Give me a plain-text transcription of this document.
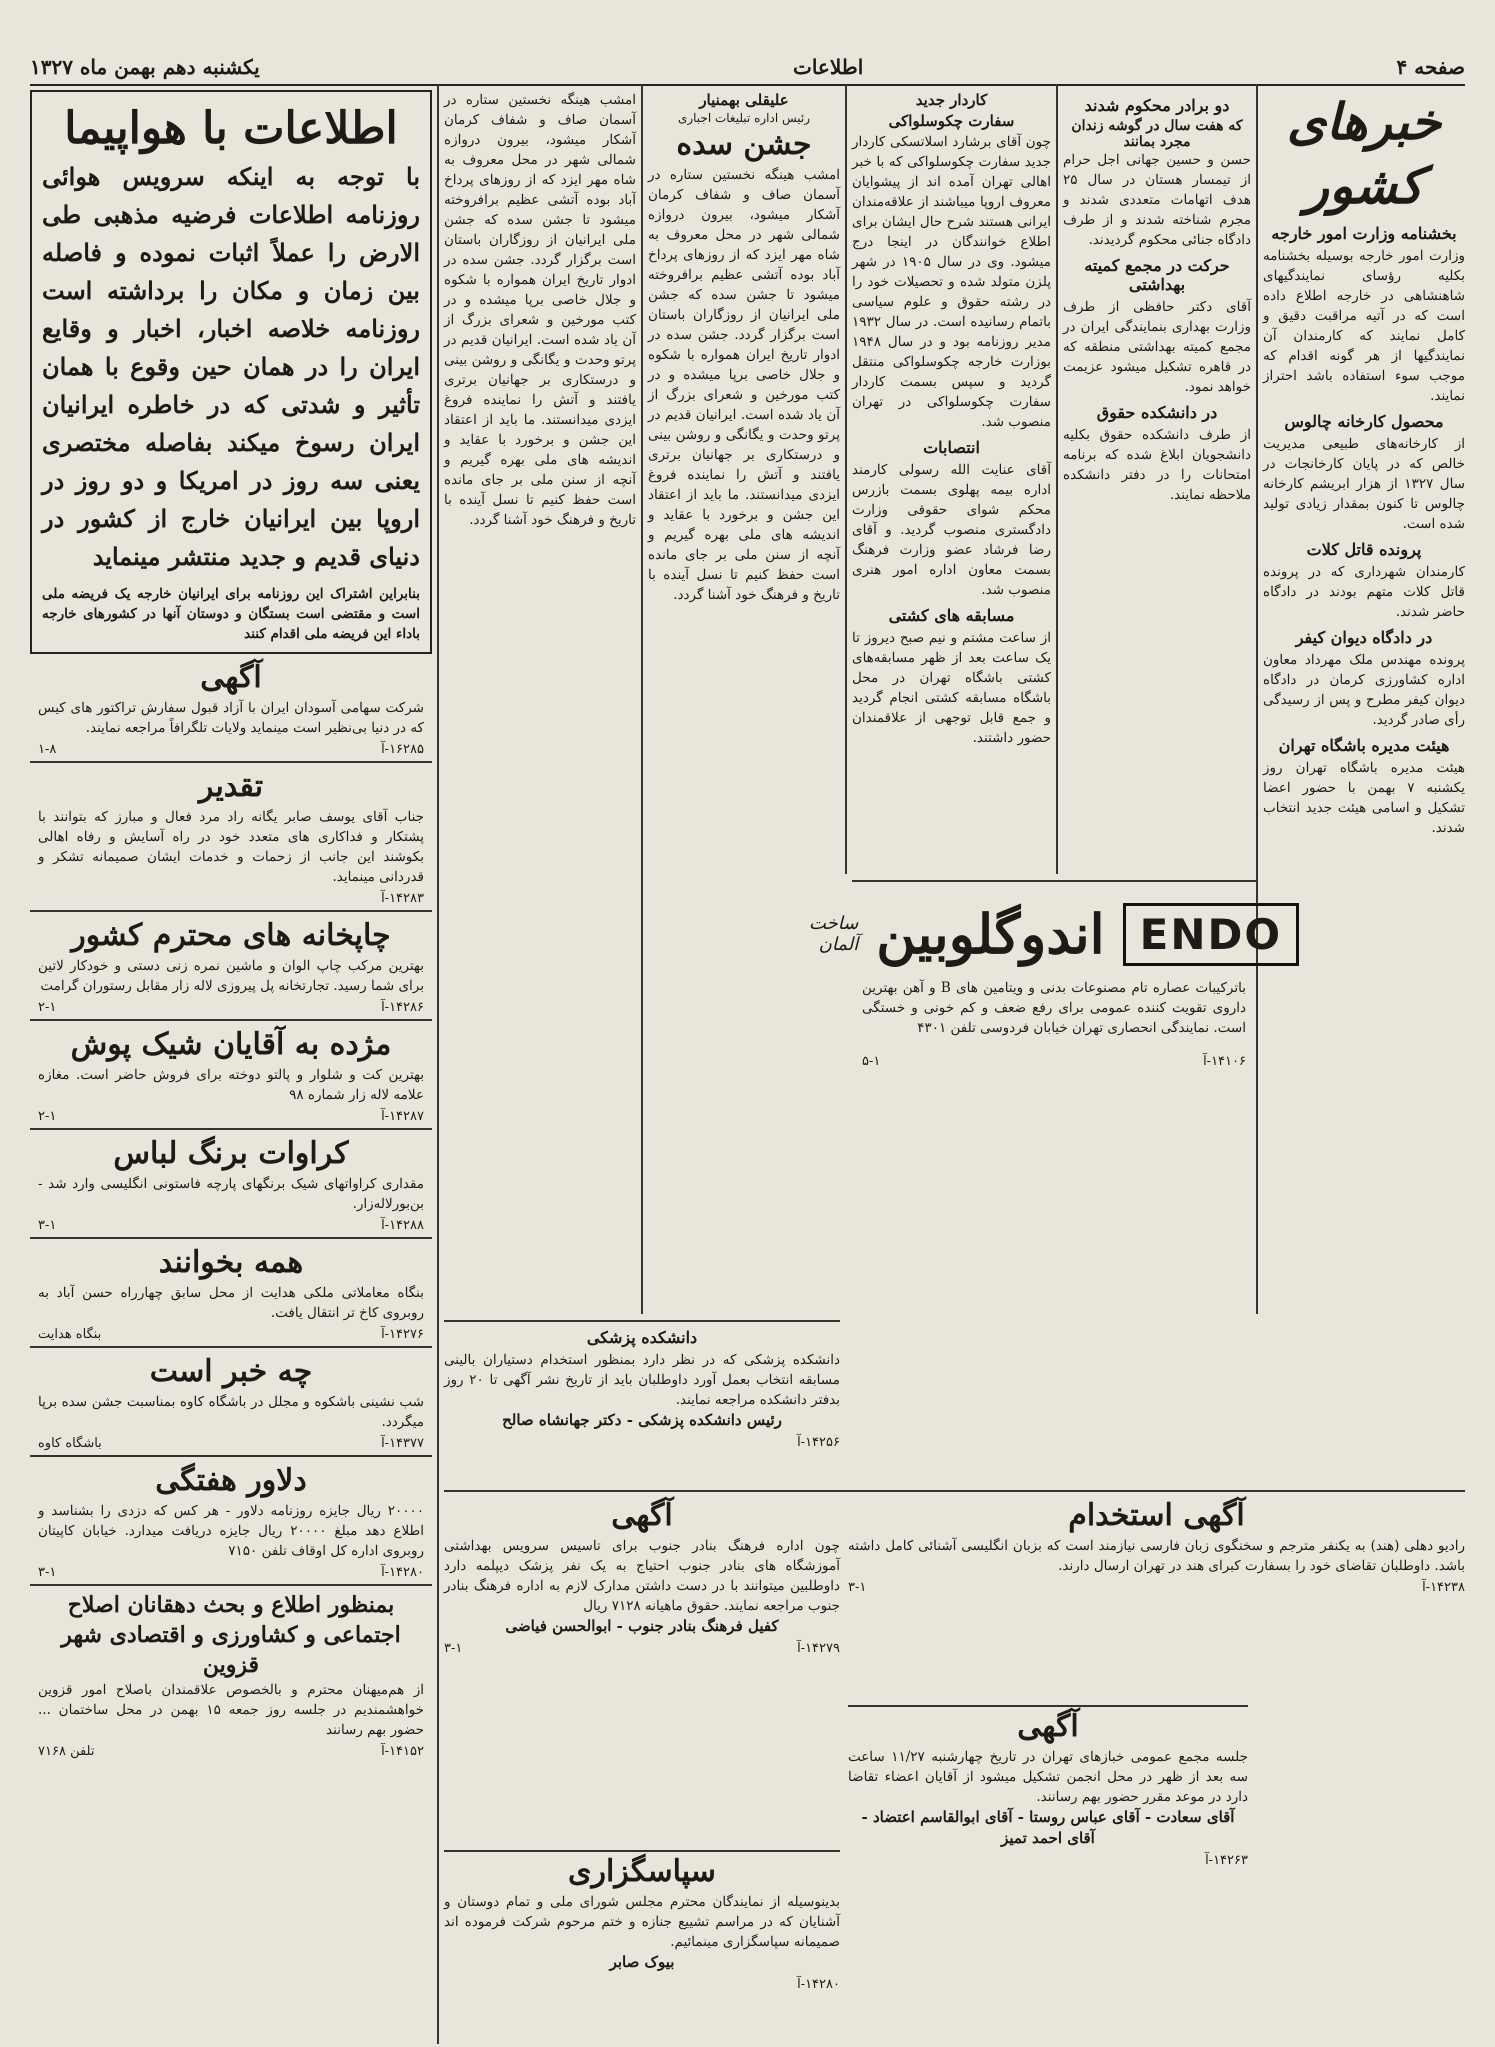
صفحه ۴
اطلاعات
یکشنبه دهم بهمن ماه ۱۳۲۷
اطلاعات با هواپیما
با توجه به اینکه سرویس هوائی روزنامه اطلاعات فرضیه مذهبی طی الارض را عملاً اثبات نموده و فاصله بین زمان و مکان را برداشته است روزنامه خلاصه اخبار، اخبار و وقایع ایران را در همان حین وقوع با همان تأثیر و شدتی که در خاطره ایرانیان ایران رسوخ میکند بفاصله مختصری یعنی سه روز در امریکا و دو روز در اروپا بین ایرانیان خارج از کشور در دنیای قدیم و جدید منتشر مینماید
بنابراین اشتراک این روزنامه برای ایرانیان خارجه یک فریضه ملی است و مقتضی است بستگان و دوستان آنها در کشورهای خارجه باداء این فریضه ملی اقدام کنند
آگهی
شرکت سهامی آسودان ایران با آزاد قبول سفارش تراکتور های کیس که در دنیا بی‌نظیر است مینماید ولایات تلگرافاً مراجعه نمایند.
۱۶۲۸۵-آ
۱-۸
تقدیر
جناب آقای یوسف صابر یگانه راد مرد فعال و مبارز که بتوانند با پشتکار و فداکاری های متعدد خود در راه آسایش و رفاه اهالی بکوشند این جانب از زحمات و خدمات ایشان صمیمانه تشکر و قدردانی مینماید.
۱۴۲۸۳-آ
چاپخانه های محترم کشور
بهترین مرکب چاپ الوان و ماشین نمره زنی دستی و خودکار لاتین برای شما رسید. تجارتخانه پل پیروزی لاله زار مقابل رستوران گرامت
۱۴۲۸۶-آ
۲-۱
مژده به آقایان شیک پوش
بهترین کت و شلوار و پالتو دوخته برای فروش حاضر است. مغازه علامه لاله زار شماره ۹۸
۱۴۲۸۷-آ
۲-۱
کراوات برنگ لباس
مقداری کراواتهای شیک برنگهای پارچه فاستونی انگلیسی وارد شد - بن‌بورلاله‌زار.
۱۴۲۸۸-آ
۳-۱
همه بخوانند
بنگاه معاملاتی ملکی هدایت از محل سابق چهارراه حسن آباد به روبروی کاخ تر انتقال یافت.
۱۴۲۷۶-آ
بنگاه هدایت
چه خبر است
شب نشینی باشکوه و مجلل در باشگاه کاوه بمناسبت جشن سده برپا میگردد.
۱۴۳۷۷-آ
باشگاه کاوه
دلاور هفتگی
۲۰۰۰۰ ریال جایزه روزنامه دلاور - هر کس که دزدی را بشناسد و اطلاع دهد مبلغ ۲۰۰۰۰ ریال جایزه دریافت میدارد. خیابان کاپیتان روبروی اداره کل اوقاف تلفن ۷۱۵۰
۱۴۲۸۰-آ
۳-۱
بمنظور اطلاع و بحث دهقانان اصلاح اجتماعی و کشاورزی و اقتصادی شهر قزوین
از هم‌میهنان محترم و بالخصوص علاقمندان باصلاح امور قزوین خواهشمندیم در جلسه روز جمعه ۱۵ بهمن در محل ساختمان ... حضور بهم رسانند
۱۴۱۵۲-آ
تلفن ۷۱۶۸
امشب هینگه نخستین ستاره در آسمان صاف و شفاف کرمان آشکار میشود، بیرون دروازه شمالی شهر در محل معروف به شاه مهر ایزد که از روزهای پرداخ آباد بوده آتشی عظیم برافروخته میشود تا جشن سده که جشن ملی ایرانیان از روزگاران باستان است برگزار گردد. جشن سده در ادوار تاریخ ایران همواره با شکوه و جلال خاصی برپا میشده و در کتب مورخین و شعرای بزرگ از آن یاد شده است. ایرانیان قدیم در پرتو وحدت و یگانگی و روشن بینی و درستکاری بر جهانیان برتری یافتند و آتش را نماینده فروغ ایزدی میدانستند. ما باید از اعتقاد این جشن و برخورد با عقاید و اندیشه های ملی بهره گیریم و آنچه از سنن ملی بر جای مانده است حفظ کنیم تا نسل آینده با تاریخ و فرهنگ خود آشنا گردد.
علیقلی بهمنیار
رئیس اداره تبلیغات اجباری
جشن سده
امشب هینگه نخستین ستاره در آسمان صاف و شفاف کرمان آشکار میشود، بیرون دروازه شمالی شهر در محل معروف به شاه مهر ایزد که از روزهای پرداخ آباد بوده آتشی عظیم برافروخته میشود تا جشن سده که جشن ملی ایرانیان از روزگاران باستان است برگزار گردد. جشن سده در ادوار تاریخ ایران همواره با شکوه و جلال خاصی برپا میشده و در کتب مورخین و شعرای بزرگ از آن یاد شده است. ایرانیان قدیم در پرتو وحدت و یگانگی و روشن بینی و درستکاری بر جهانیان برتری یافتند و آتش را نماینده فروغ ایزدی میدانستند. ما باید از اعتقاد این جشن و برخورد با عقاید و اندیشه های ملی بهره گیریم و آنچه از سنن ملی بر جای مانده است حفظ کنیم تا نسل آینده با تاریخ و فرهنگ خود آشنا گردد.
کاردار جدید
سفارت چکوسلواکی
چون آقای برشارد اسلاتسکی کاردار جدید سفارت چکوسلواکی که با خبر اهالی تهران آمده اند از پیشوایان معروف اروپا میباشند از علاقه‌مندان ایرانی هستند شرح حال ایشان برای اطلاع خوانندگان در اینجا درج میشود. وی در سال ۱۹۰۵ در شهر پلزن متولد شده و تحصیلات خود را در رشته حقوق و علوم سیاسی باتمام رسانیده است. در سال ۱۹۳۲ مدیر روزنامه بود و در سال ۱۹۴۸ بوزارت خارجه چکوسلواکی منتقل گردید و سپس بسمت کاردار سفارت چکوسلواکی در تهران منصوب شد.
انتصابات
آقای عنایت الله رسولی کارمند اداره بیمه پهلوی بسمت بازرس محکم شوای حقوقی وزارت دادگستری منصوب گردید. و آقای رضا فرشاد عضو وزارت فرهنگ بسمت معاون اداره امور هنری منصوب شد.
مسابقه های کشتی
از ساعت مشتم و نیم صبح دیروز تا یک ساعت بعد از ظهر مسابقه‌های کشتی باشگاه تهران در محل باشگاه مسابقه کشتی انجام گردید و جمع قابل توجهی از علاقمندان حضور داشتند.
دو برادر محکوم شدند
که هفت سال در گوشه زندان مجرد بمانند
حسن و حسین جهانی اجل حرام از تیمسار هستان در سال ۲۵ هدف اتهامات متعددی شدند و مجرم شناخته شدند و از طرف دادگاه جنائی محکوم گردیدند.
حرکت در مجمع کمیته بهداشتی
آقای دکتر حافظی از طرف وزارت بهداری بنمایندگی ایران در مجمع کمیته بهداشتی منطقه که در قاهره تشکیل میشود عزیمت خواهد نمود.
در دانشکده حقوق
از طرف دانشکده حقوق بکلیه دانشجویان ابلاغ شده که برنامه امتحانات را در دفتر دانشکده ملاحظه نمایند.
خبرهای کشور
بخشنامه وزارت امور خارجه
وزارت امور خارجه بوسیله بخشنامه بکلیه رؤسای نمایندگیهای شاهنشاهی در خارجه اطلاع داده است که در آتیه مراقبت دقیق و کامل نمایند که کارمندان آن نمایندگیها از هر گونه اقدام که موجب سوء استفاده باشد احتراز نمایند.
محصول کارخانه چالوس
از کارخانه‌های طبیعی مدیریت خالص که در پایان کارخانجات در سال ۱۳۲۷ از هزار ابریشم کارخانه چالوس تا کنون بمقدار زیادی تولید شده است.
پرونده قاتل کلات
کارمندان شهرداری که در پرونده قاتل کلات متهم بودند در دادگاه حاضر شدند.
در دادگاه دیوان کیفر
پرونده مهندس ملک مهرداد معاون اداره کشاورزی کرمان در دادگاه دیوان کیفر مطرح و پس از رسیدگی رأی صادر گردید.
هیئت مدیره باشگاه تهران
هیئت مدیره باشگاه تهران روز یکشنبه ۷ بهمن با حضور اعضا تشکیل و اسامی هیئت جدید انتخاب شدند.
ENDO
اندوگلوبین
ساخت آلمان
باترکیبات عصاره تام مصنوعات بدنی و ویتامین های B و آهن بهترین داروی تقویت کننده عمومی برای رفع ضعف و کم خونی و خستگی است. نمایندگی انحصاری تهران خیابان فردوسی تلفن ۴۳۰۱
۱۴۱۰۶-آ
۵-۱
دانشکده پزشکی
دانشکده پزشکی که در نظر دارد بمنظور استخدام دستیاران بالینی مسابقه انتخاب بعمل آورد داوطلبان باید از تاریخ نشر آگهی تا ۲۰ روز بدفتر دانشکده مراجعه نمایند.
رئیس دانشکده پزشکی - دکتر جهانشاه صالح
۱۴۲۵۶-آ
آگهی
چون اداره فرهنگ بنادر جنوب برای تاسیس سرویس بهداشتی آموزشگاه های بنادر جنوب احتیاج به یک نفر پزشک دیپلمه دارد داوطلبین میتوانند با در دست داشتن مدارک لازم به اداره فرهنگ بنادر جنوب مراجعه نمایند. حقوق ماهیانه ۷۱۲۸ ریال
کفیل فرهنگ بنادر جنوب - ابوالحسن فیاضی
۱۴۲۷۹-آ
۳-۱
آگهی استخدام
رادیو دهلی (هند) به یکنفر مترجم و سخنگوی زبان فارسی نیازمند است که بزبان انگلیسی آشنائی کامل داشته باشد. داوطلبان تقاضای خود را بسفارت کبرای هند در تهران ارسال دارند.
۱۴۲۳۸-آ
۳-۱
آگهی
جلسه مجمع عمومی خبازهای تهران در تاریخ چهارشنبه ۱۱/۲۷ ساعت سه بعد از ظهر در محل انجمن تشکیل میشود از آقایان اعضاء تقاضا دارد در موعد مقرر حضور بهم رسانند.
آقای سعادت - آقای عباس روستا - آقای ابوالقاسم اعتضاد - آقای احمد تمیز
۱۴۲۶۳-آ
سپاسگزاری
بدینوسیله از نمایندگان محترم مجلس شورای ملی و تمام دوستان و آشنایان که در مراسم تشییع جنازه و ختم مرحوم شرکت فرموده اند صمیمانه سپاسگزاری مینمائیم.
بیوک صابر
۱۴۲۸۰-آ
